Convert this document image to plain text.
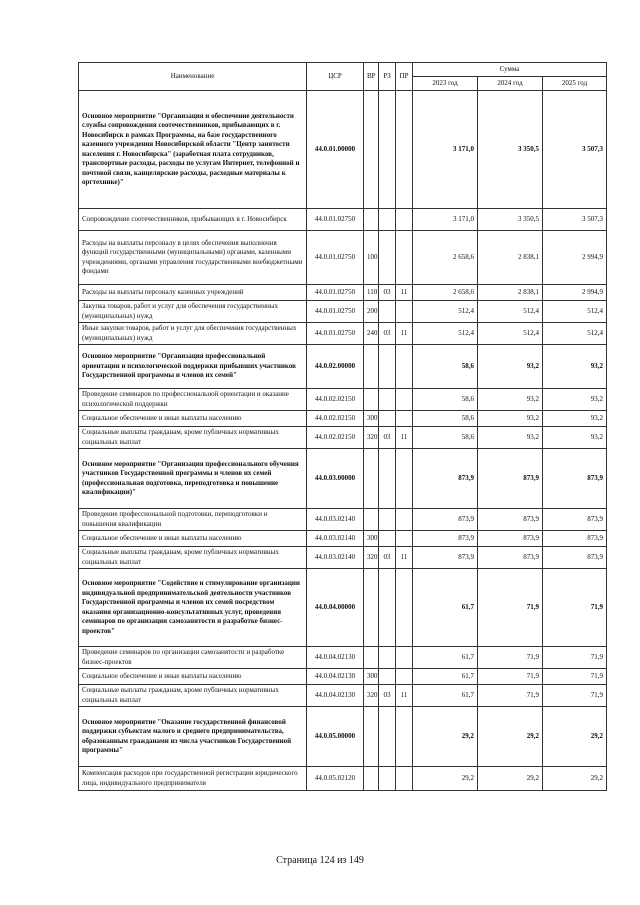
Наименование	ЦСР	ВР	РЗ	ПР	Сумма		
					2023 год	2024 год	2025 год
Основное мероприятие "Организация и обеспечение деятельности службы сопровождения соотечественников, прибывающих в г. Новосибирск в рамках Программы, на базе государственного казенного учреждения Новосибирской области "Центр занятости населения г. Новосибирска" (заработная плата сотрудников, транспортные расходы, расходы по услугам Интернет, телефонной и почтовой связи, канцелярские расходы, расходные материалы к оргтехнике)"	44.0.01.00000				3 171,0	3 350,5	3 507,3
Сопровождение соотечественников, прибывающих в г. Новосибирск	44.0.01.02750				3 171,0	3 350,5	3 507,3
Расходы на выплаты персоналу в целях обеспечения выполнения функций государственными (муниципальными) органами, казенными учреждениями, органами управления государственными внебюджетными фондами	44.0.01.02750	100			2 658,6	2 838,1	2 994,9
Расходы на выплаты персоналу казенных учреждений	44.0.01.02750	110	03	11	2 658,6	2 838,1	2 994,9
Закупка товаров, работ и услуг для обеспечения государственных (муниципальных) нужд	44.0.01.02750	200			512,4	512,4	512,4
Иные закупки товаров, работ и услуг для обеспечения государственных (муниципальных) нужд	44.0.01.02750	240	03	11	512,4	512,4	512,4
Основное мероприятие "Организация профессиональной ориентации и психологической поддержки прибывших участников Государственной программы и членов их семей"	44.0.02.00000				58,6	93,2	93,2
Проведение семинаров по профессиональной ориентации и оказание психологической поддержки	44.0.02.02150				58,6	93,2	93,2
Социальное обеспечение и иные выплаты населению	44.0.02.02150	300			58,6	93,2	93,2
Социальные выплаты гражданам, кроме публичных нормативных социальных выплат	44.0.02.02150	320	03	11	58,6	93,2	93,2
Основное мероприятие "Организация профессионального обучения участников Государственной программы и членов их семей (профессиональная подготовка, переподготовка и повышение квалификации)"	44.0.03.00000				873,9	873,9	873,9
Проведение профессиональной подготовки, переподготовки и повышения квалификации	44.0.03.02140				873,9	873,9	873,9
Социальное обеспечение и иные выплаты населению	44.0.03.02140	300			873,9	873,9	873,9
Социальные выплаты гражданам, кроме публичных нормативных социальных выплат	44.0.03.02140	320	03	11	873,9	873,9	873,9
Основное мероприятие "Содействие и стимулирование организации индивидуальной предпринимательской деятельности участников Государственной программы и членов их семей посредством оказания организационно-консультативных услуг, проведения семинаров по организации самозанятости и разработке бизнес-проектов"	44.0.04.00000				61,7	71,9	71,9
Проведение семинаров по организации самозанятости и разработке бизнес-проектов	44.0.04.02130				61,7	71,9	71,9
Социальное обеспечение и иные выплаты населению	44.0.04.02130	300			61,7	71,9	71,9
Социальные выплаты гражданам, кроме публичных нормативных социальных выплат	44.0.04.02130	320	03	11	61,7	71,9	71,9
Основное мероприятие "Оказание государственной финансовой поддержки субъектам малого и среднего предпринимательства, образованным гражданами из числа участников Государственной программы"	44.0.05.00000				29,2	29,2	29,2
Компенсация расходов при государственной регистрации юридического лица, индивидуального предпринимателя	44.0.05.02120				29,2	29,2	29,2
Страница 124 из 149
